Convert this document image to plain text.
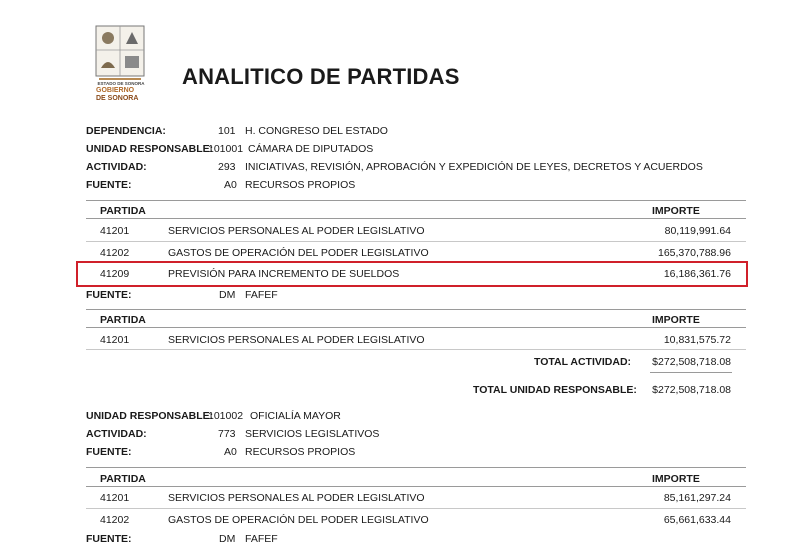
ESTADO DE SONORA
GOBIERNO
DE SONORA
ANALITICO DE PARTIDAS
DEPENDENCIA:	101 H. CONGRESO DEL ESTADO
UNIDAD RESPONSABLE:
101001 CÁMARA DE DIPUTADOS
ACTIVIDAD:	293 INICIATIVAS, REVISIÓN, APROBACIÓN Y EXPEDICIÓN DE LEYES, DECRETOS Y ACUERDOS
FUENTE:	A0 RECURSOS PROPIOS
PARTIDA	IMPORTE
41201	SERVICIOS PERSONALES AL PODER LEGISLATIVO	80,119,991.64
41202	GASTOS DE OPERACIÓN DEL PODER LEGISLATIVO	165,370,788.96
41209	PREVISIÓN PARA INCREMENTO DE SUELDOS	16,186,361.76
FUENTE:	DM FAFEF
PARTIDA	IMPORTE
41201	SERVICIOS PERSONALES AL PODER LEGISLATIVO	10,831,575.72
TOTAL ACTIVIDAD: $272,508,718.08
TOTAL UNIDAD RESPONSABLE: $272,508,718.08
UNIDAD RESPONSABLE:
101002 OFICIALÍA MAYOR
ACTIVIDAD:	773 SERVICIOS LEGISLATIVOS
FUENTE:	A0 RECURSOS PROPIOS
PARTIDA	IMPORTE
41201	SERVICIOS PERSONALES AL PODER LEGISLATIVO	85,161,297.24
41202	GASTOS DE OPERACIÓN DEL PODER LEGISLATIVO	65,661,633.44
FUENTE:	DM FAFEF
